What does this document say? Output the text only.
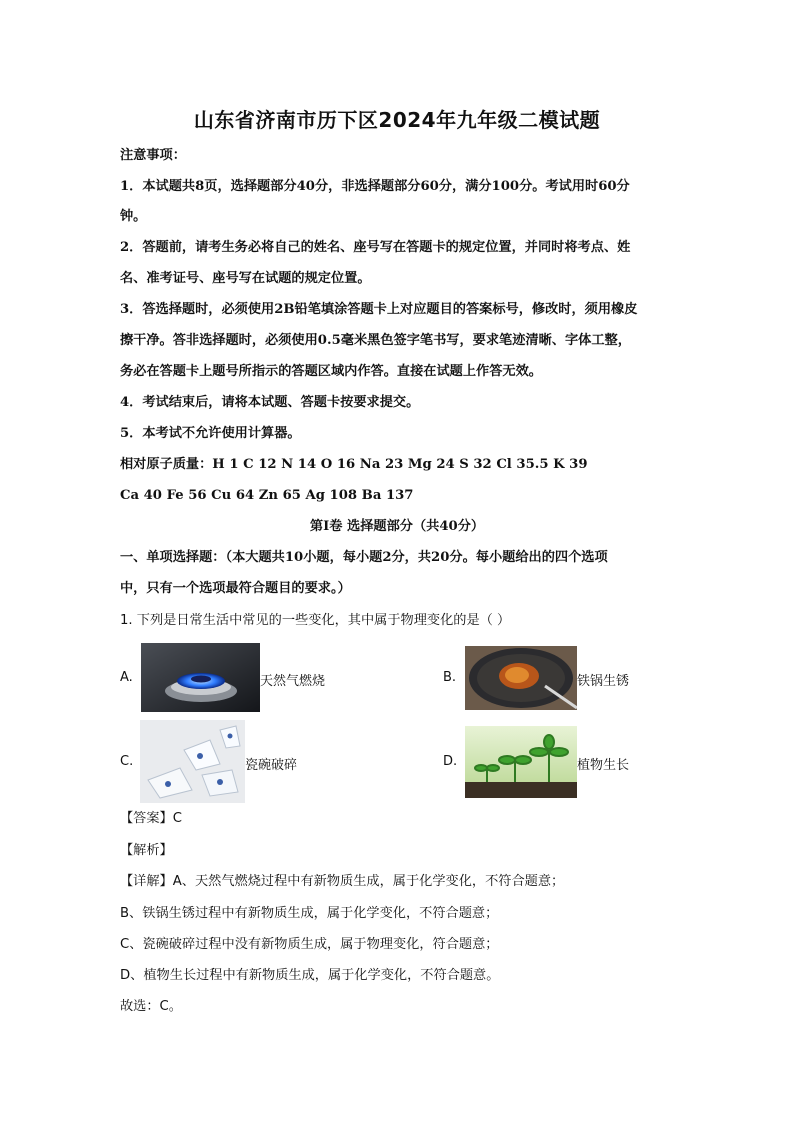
山东省济南市历下区2024年九年级二模试题
注意事项：
1．本试题共8页，选择题部分40分，非选择题部分60分，满分100分。考试用时60分
钟。
2．答题前，请考生务必将自己的姓名、座号写在答题卡的规定位置，并同时将考点、姓
名、准考证号、座号写在试题的规定位置。
3．答选择题时，必须使用2B铅笔填涂答题卡上对应题目的答案标号，修改时，须用橡皮
擦干净。答非选择题时，必须使用0.5毫米黑色签字笔书写，要求笔迹清晰、字体工整，
务必在答题卡上题号所指示的答题区域内作答。直接在试题上作答无效。
4．考试结束后，请将本试题、答题卡按要求提交。
5．本考试不允许使用计算器。
相对原子质量：H 1 C 12 N 14 O 16 Na 23 Mg 24 S 32 Cl 35.5 K 39
Ca 40 Fe 56 Cu 64 Zn 65 Ag 108 Ba 137
第Ⅰ卷 选择题部分（共40分）
一、单项选择题：（本大题共10小题，每小题2分，共20分。每小题给出的四个选项
中，只有一个选项最符合题目的要求。）
1. 下列是日常生活中常见的一些变化，其中属于物理变化的是（ ）
A.	天然气燃烧	B.	铁锅生锈
C.	瓷碗破碎	D.	植物生长
【答案】C
【解析】
【详解】A、天然气燃烧过程中有新物质生成，属于化学变化，不符合题意；
B、铁锅生锈过程中有新物质生成，属于化学变化，不符合题意；
C、瓷碗破碎过程中没有新物质生成，属于物理变化，符合题意；
D、植物生长过程中有新物质生成，属于化学变化，不符合题意。
故选：C。
